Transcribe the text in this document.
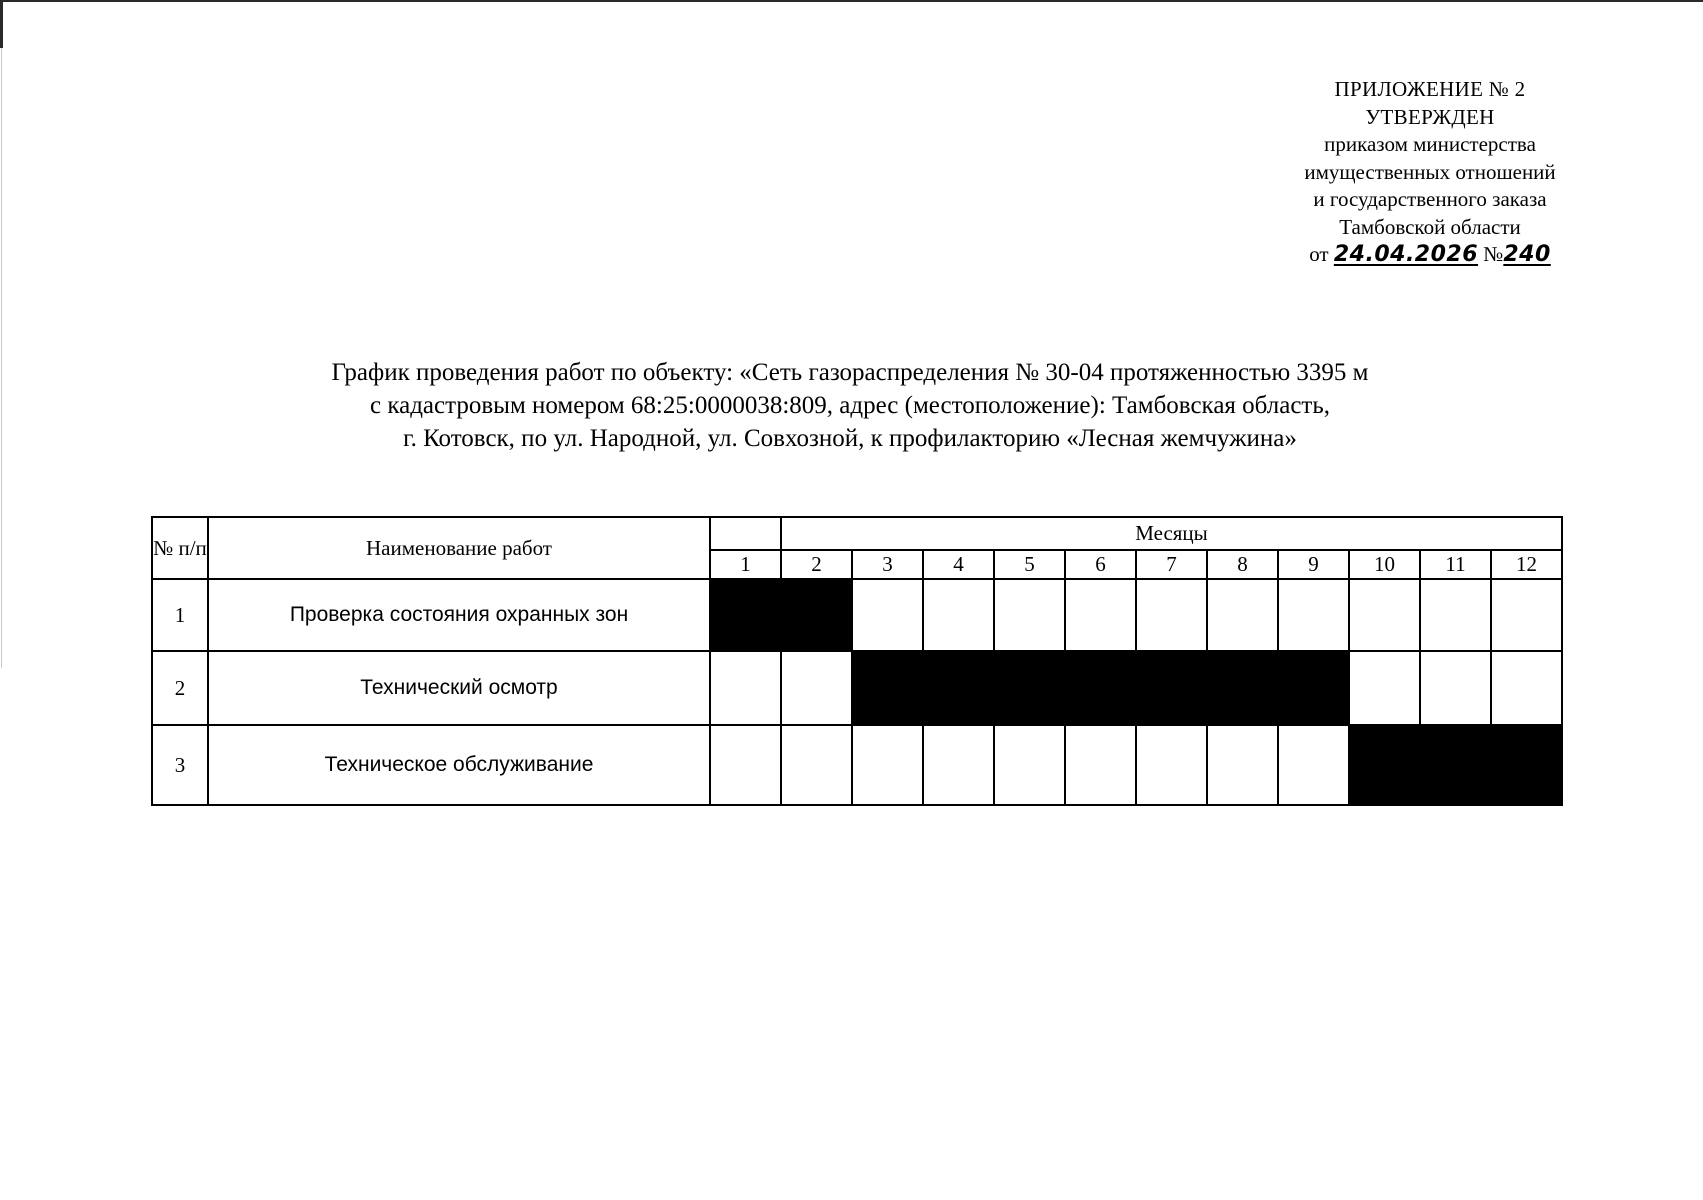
ПРИЛОЖЕНИЕ № 2
УТВЕРЖДЕН
приказом министерства
имущественных отношений
и государственного заказа
Тамбовской области
от 24.04.2026 №240
График проведения работ по объекту: «Сеть газораспределения № 30-04 протяженностью 3395 м
с кадастровым номером 68:25:0000038:809, адрес (местоположение): Тамбовская область,
г. Котовск, по ул. Народной, ул. Совхозной, к профилакторию «Лесная жемчужина»
№ п/п	Наименование работ		Месяцы										
		1	2	3	4	5	6	7	8	9	10	11	12
1	Проверка состояния охранных зон												
2	Технический осмотр												
3	Техническое обслуживание												
